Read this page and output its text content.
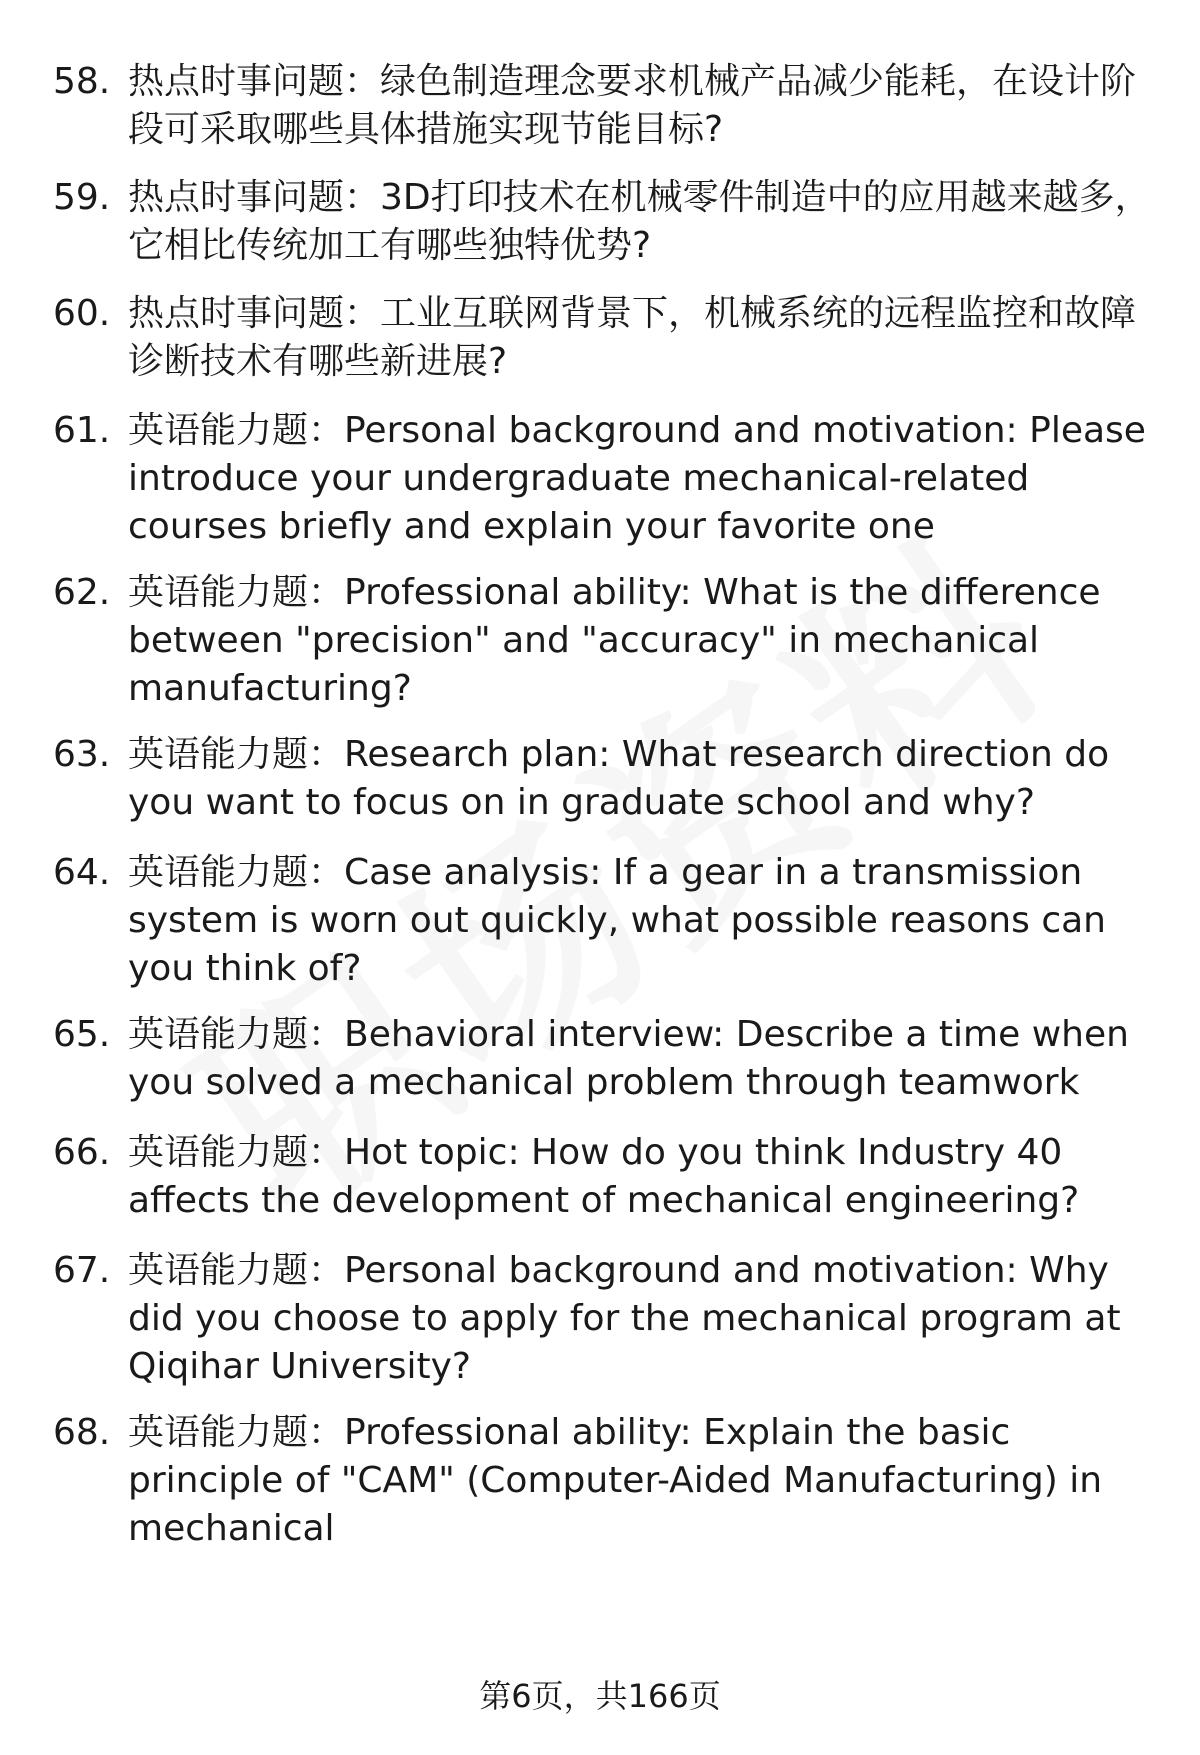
58. 热点时事问题：绿色制造理念要求机械产品减少能耗，在设计阶段可采取哪些具体措施实现节能目标?
59. 热点时事问题：3D打印技术在机械零件制造中的应用越来越多，它相比传统加工有哪些独特优势?
60. 热点时事问题：工业互联网背景下，机械系统的远程监控和故障诊断技术有哪些新进展?
61. 英语能力题：Personal background and motivation: Please introduce your undergraduate mechanical-related courses briefly and explain your favorite one
62. 英语能力题：Professional ability: What is the difference between "precision" and "accuracy" in mechanical manufacturing?
63. 英语能力题：Research plan: What research direction do you want to focus on in graduate school and why?
64. 英语能力题：Case analysis: If a gear in a transmission system is worn out quickly, what possible reasons can you think of?
65. 英语能力题：Behavioral interview: Describe a time when you solved a mechanical problem through teamwork
66. 英语能力题：Hot topic: How do you think Industry 40 affects the development of mechanical engineering?
67. 英语能力题：Personal background and motivation: Why did you choose to apply for the mechanical program at Qiqihar University?
68. 英语能力题：Professional ability: Explain the basic principle of "CAM" (Computer-Aided Manufacturing) in mechanical
第6页，共166页
